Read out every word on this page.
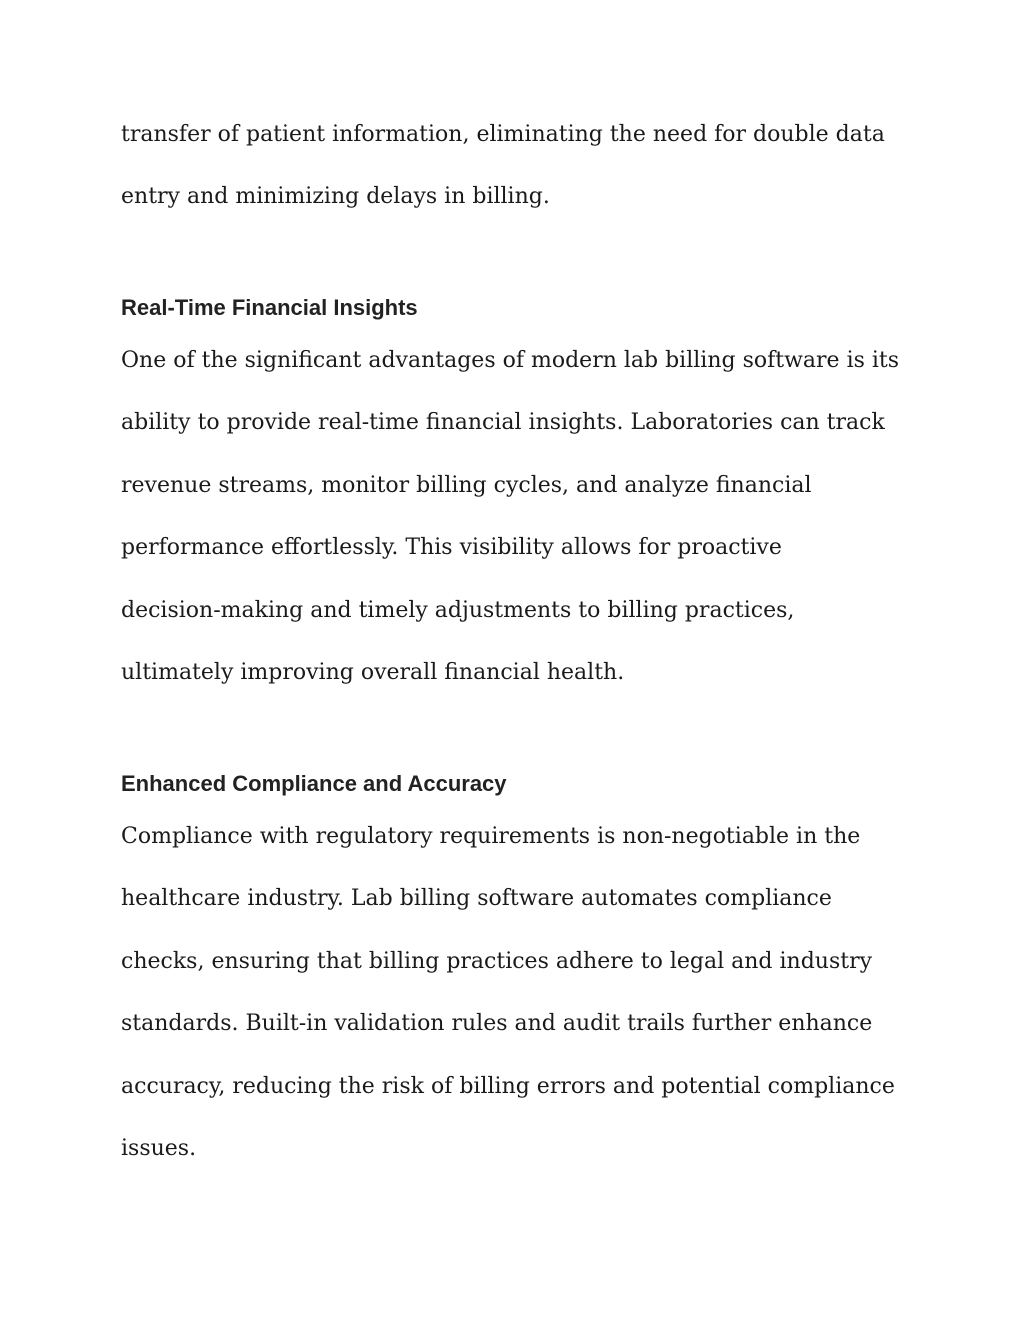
transfer of patient information, eliminating the need for double data
entry and minimizing delays in billing.

Real-Time Financial Insights

One of the significant advantages of modern lab billing software is its
ability to provide real-time financial insights. Laboratories can track
revenue streams, monitor billing cycles, and analyze financial
performance effortlessly. This visibility allows for proactive
decision-making and timely adjustments to billing practices,
ultimately improving overall financial health.

Enhanced Compliance and Accuracy

Compliance with regulatory requirements is non-negotiable in the
healthcare industry. Lab billing software automates compliance
checks, ensuring that billing practices adhere to legal and industry
standards. Built-in validation rules and audit trails further enhance
accuracy, reducing the risk of billing errors and potential compliance
issues.
